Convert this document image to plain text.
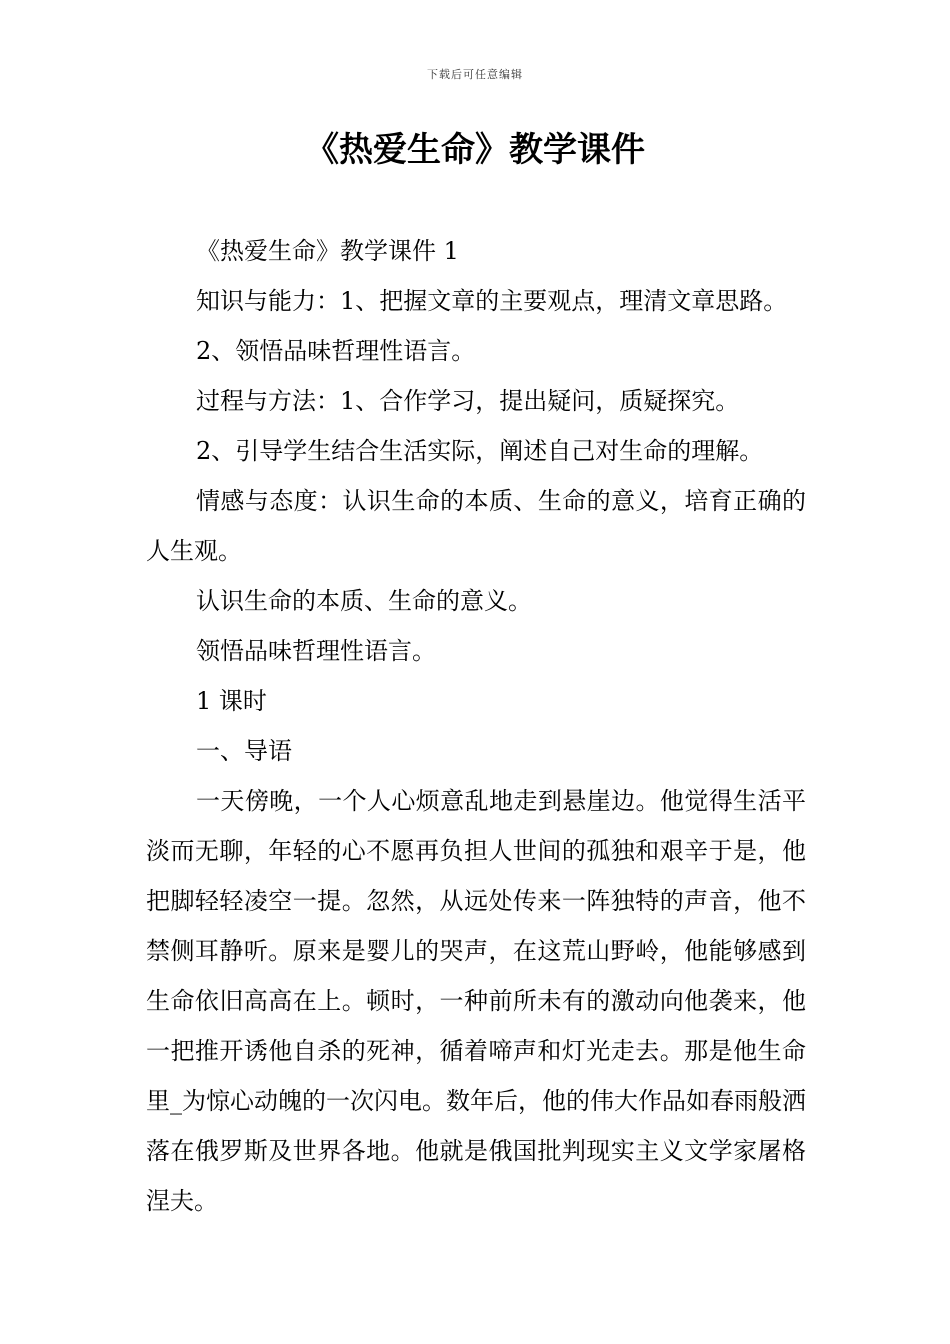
下载后可任意编辑
《热爱生命》教学课件

《热爱生命》教学课件 1

知识与能力：1、把握文章的主要观点，理清文章思路。

2、领悟品味哲理性语言。

过程与方法：1、合作学习，提出疑问，质疑探究。

2、引导学生结合生活实际，阐述自己对生命的理解。

情感与态度：认识生命的本质、生命的意义，培育正确的人生观。

认识生命的本质、生命的意义。

领悟品味哲理性语言。

1 课时

一、导语

一天傍晚，一个人心烦意乱地走到悬崖边。他觉得生活平淡而无聊，年轻的心不愿再负担人世间的孤独和艰辛于是，他把脚轻轻凌空一提。忽然，从远处传来一阵独特的声音，他不禁侧耳静听。原来是婴儿的哭声，在这荒山野岭，他能够感到生命依旧高高在上。顿时，一种前所未有的激动向他袭来，他一把推开诱他自杀的死神，循着啼声和灯光走去。那是他生命里_为惊心动魄的一次闪电。数年后，他的伟大作品如春雨般洒落在俄罗斯及世界各地。他就是俄国批判现实主义文学家屠格涅夫。
